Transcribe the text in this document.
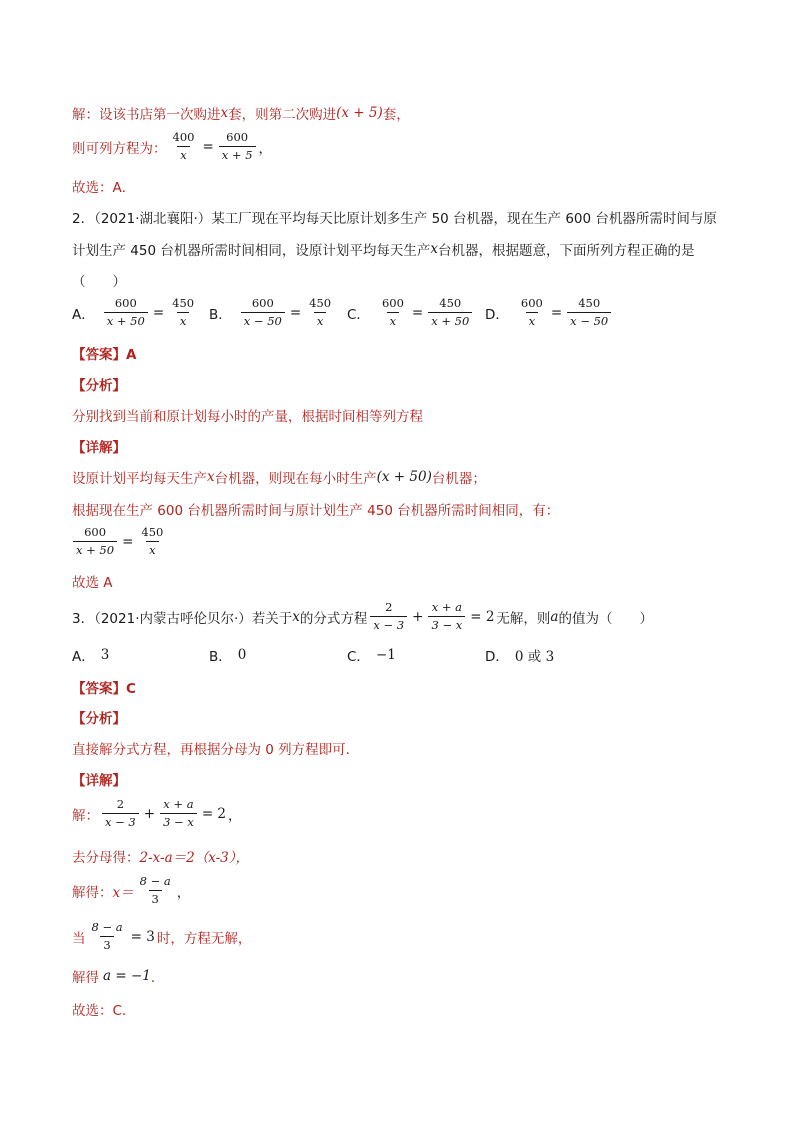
解：设该书店第一次购进 x 套，则第二次购进 (x + 5) 套，
则可列方程为： $\frac{400}{x} = \frac{600}{x + 5}$ ，
故选：A．
2．（2021·湖北襄阳·）某工厂现在平均每天比原计划多生产 50 台机器，现在生产 600 台机器所需时间与原
计划生产 450 台机器所需时间相同，设原计划平均每天生产 x 台机器，根据题意，下面所列方程正确的是
（　　）
A． $\frac{600}{x + 50} = \frac{450}{x}$ B． $\frac{600}{x - 50} = \frac{450}{x}$ C． $\frac{600}{x} = \frac{450}{x + 50}$ D． $\frac{600}{x} = \frac{450}{x - 50}$
【答案】A
【分析】
分别找到当前和原计划每小时的产量，根据时间相等列方程
【详解】
设原计划平均每天生产 x 台机器，则现在每小时生产 (x + 50) 台机器；
根据现在生产 600 台机器所需时间与原计划生产 450 台机器所需时间相同，有：
$\frac{600}{x + 50} = \frac{450}{x}$
故选 A
3．（2021·内蒙古呼伦贝尔·）若关于 x 的分式方程 $\frac{2}{x - 3} + \frac{x + a}{3 - x} = 2$ 无解，则 a 的值为（　　）
A． 3	B． 0	C． −1	D． 0 或 3
【答案】C
【分析】
直接解分式方程，再根据分母为 0 列方程即可．
【详解】
解： $\frac{2}{x - 3} + \frac{x + a}{3 - x} = 2$ ，
去分母得： 2-x-a＝2（x-3），
解得： $x= \frac{8 - a}{3}$ ，
当 $\frac{8 - a}{3} = 3$ 时，方程无解，
解得 a = −1 ．
故选：C．
